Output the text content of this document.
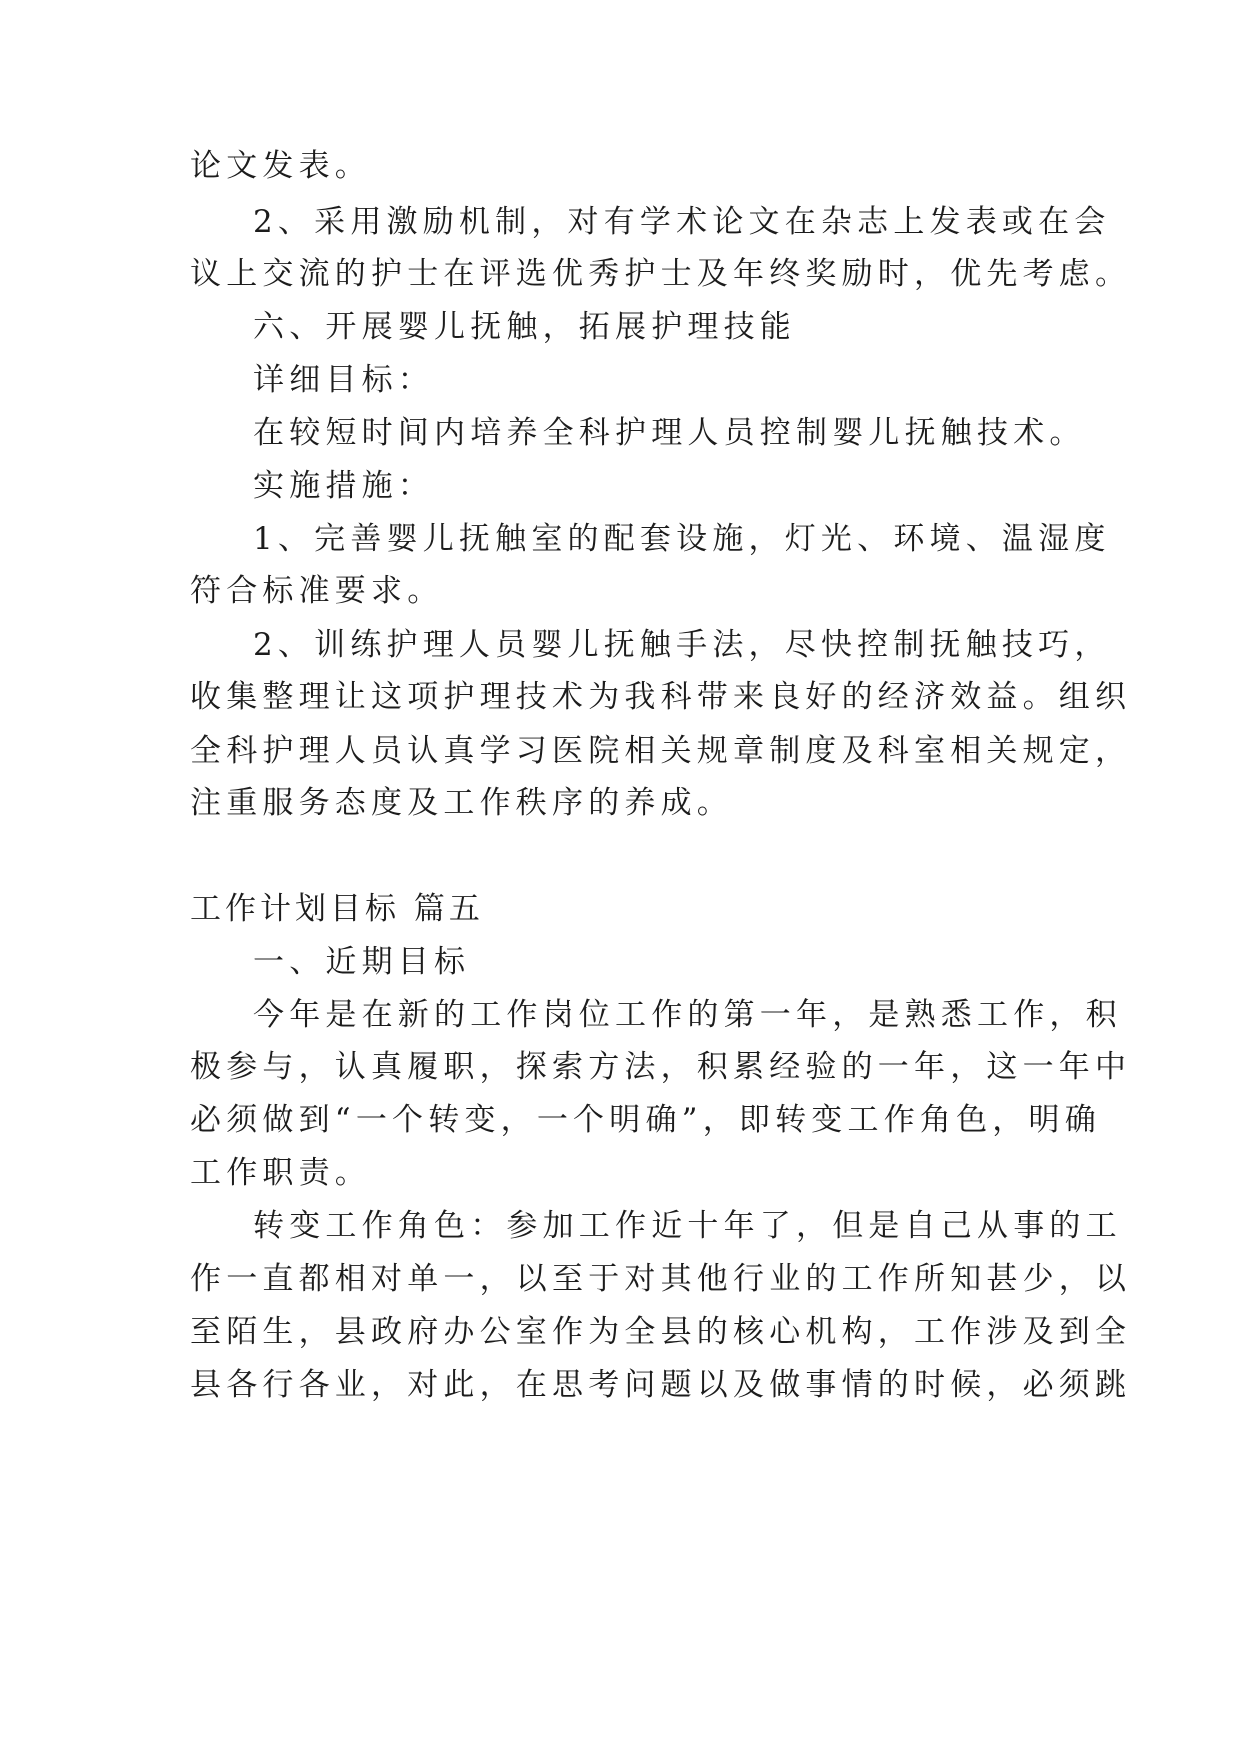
论文发表。

2、采用激励机制，对有学术论文在杂志上发表或在会

议上交流的护士在评选优秀护士及年终奖励时，优先考虑。

六、开展婴儿抚触，拓展护理技能

详细目标：

在较短时间内培养全科护理人员控制婴儿抚触技术。

实施措施：

1、完善婴儿抚触室的配套设施，灯光、环境、温湿度

符合标准要求。

2、训练护理人员婴儿抚触手法，尽快控制抚触技巧，

收集整理让这项护理技术为我科带来良好的经济效益。组织

全科护理人员认真学习医院相关规章制度及科室相关规定，

注重服务态度及工作秩序的养成。

工作计划目标 篇五

一、近期目标

今年是在新的工作岗位工作的第一年，是熟悉工作，积

极参与，认真履职，探索方法，积累经验的一年，这一年中

必须做到“一个转变，一个明确”，即转变工作角色，明确

工作职责。

转变工作角色：参加工作近十年了，但是自己从事的工

作一直都相对单一，以至于对其他行业的工作所知甚少，以

至陌生，县政府办公室作为全县的核心机构，工作涉及到全

县各行各业，对此，在思考问题以及做事情的时候，必须跳
